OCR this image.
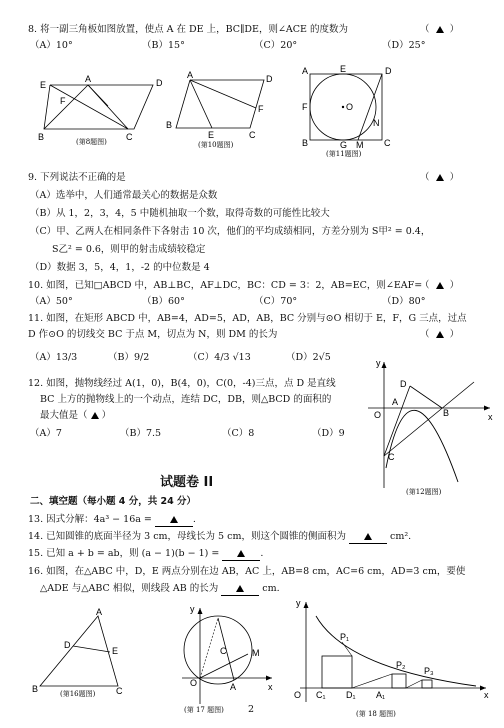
8. 将一副三角板如图放置，使点 A 在 DE 上，BC∥DE，则∠ACE 的度数为	（ ）
（A）10°	（B）15°	（C）20°	（D）25°
E
A	D
F
B	C
(第8题图)
A	D
F
B
E	C
(第10题图)
A	E	D
F	O
N
B	G M C
(第11题图)
9. 下列说法不正确的是	（    ）
（A）选举中，人们通常最关心的数据是众数
（B）从 1，2，3，4，5 中随机抽取一个数，取得奇数的可能性比较大
（C）甲、乙两人在相同条件下各射击 10 次，他们的平均成绩相同，方差分别为 S甲² = 0.4，
S乙² = 0.6，则甲的射击成绩较稳定
（D）数据 3，5，4，1，-2 的中位数是 4
10. 如图，已知□ABCD 中，AB⊥BC，AF⊥DC，BC：CD = 3：2，AB=EC，则∠EAF=
（    ）
（A）50°	（B）60°	（C）70°	（D）80°
11. 如图，在矩形 ABCD 中，AB=4，AD=5，AD，AB，BC 分别与⊙O 相切于 E，F，G 三点，过点
D 作⊙O 的切线交 BC 于点 M，切点为 N，则 DM 的长为	（    ）
（A）13/3	（B）9/2	（C）4/3 √13	（D）2√5
12. 如图，抛物线经过 A(1，0)，B(4，0)，C(0，-4)三点，点 D 是直线
BC 上方的抛物线上的一个动点，连结 DC，DB，则△BCD 的面积的
最大值是（  ）
（A）7	（B）7.5	（C）8	（D）9
y
D
A
O	B	x
C
(第12题图)
试题卷 II
二、填空题（每小题 4 分，共 24 分）
13. 因式分解：4a³ − 16a =	.
14. 已知圆锥的底面半径为 3 cm，母线长为 5 cm，则这个圆锥的侧面积为	cm².
15. 已知 a + b = ab，则 (a − 1)(b − 1) =	.
16. 如图，在△ABC 中，D，E 两点分别在边 AB，AC 上，AB=8 cm，AC=6 cm，AD=3 cm，要使
△ADE 与△ABC 相似，则线段 AB 的长为	cm.
A
D
E
B	C
(第16题图)
y
C	M
O	A	x
(第 17 题图)	2
y
P₁
P₂
P₃
O C₁ D₁ A₁	x
(第 18 题图)
